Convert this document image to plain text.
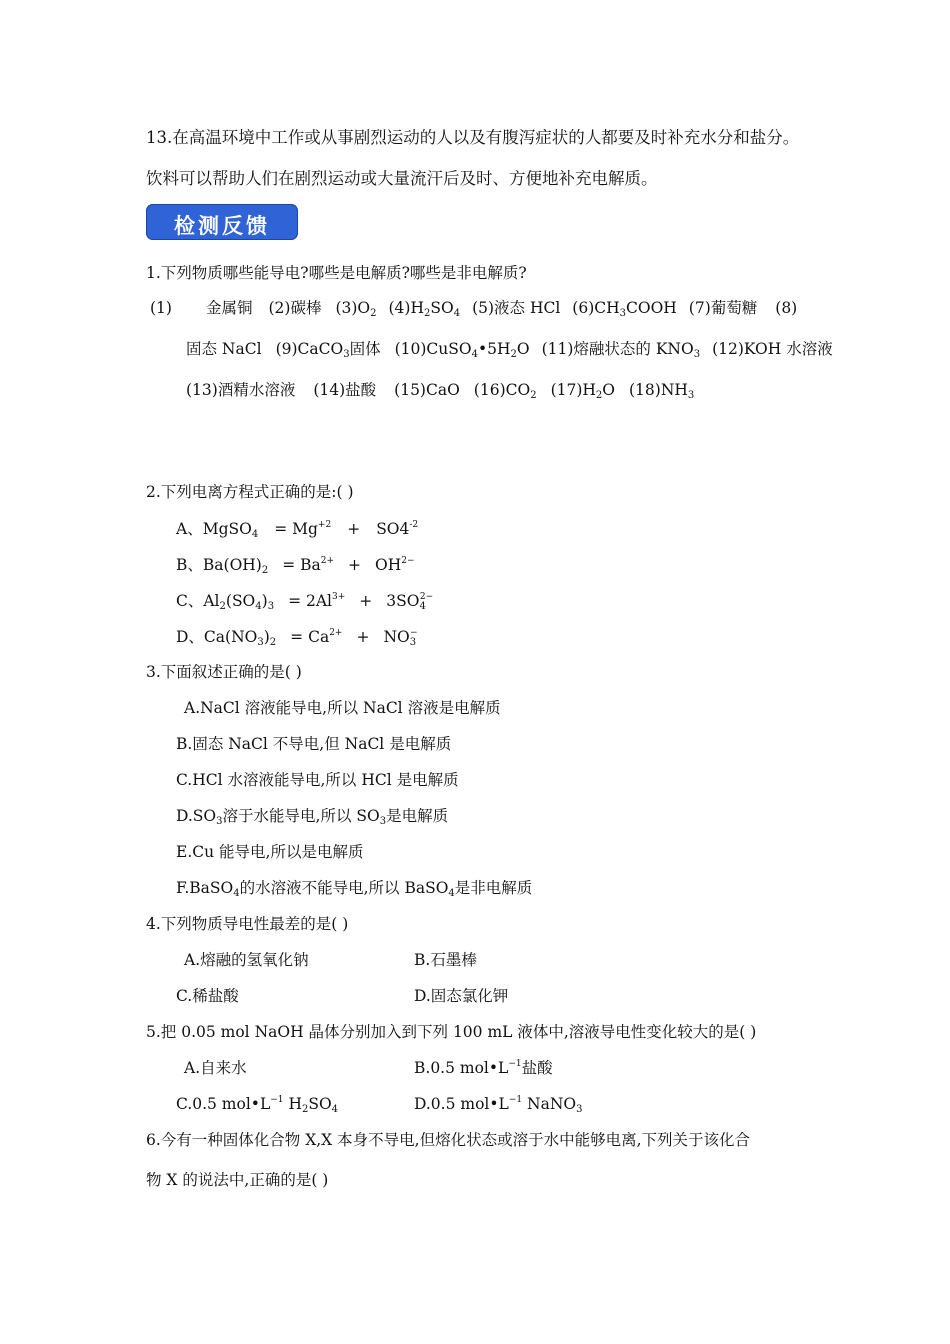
13.在高温环境中工作或从事剧烈运动的人以及有腹泻症状的人都要及时补充水分和盐分。
饮料可以帮助人们在剧烈运动或大量流汗后及时、方便地补充电解质。
检测反馈
1.下列物质哪些能导电?哪些是电解质?哪些是非电解质?
(1) 金属铜 (2)碳棒 $(3)O_2$ $(4)H_2SO_4$ (5)液态 HCl $(6)CH_3COOH$ (7)葡萄糖 (8)
固态 NaCl (9)CaCO$_3$固体 $(10)CuSO_4•5H_2O$ (11)熔融状态的 $KNO_3$ (12)KOH 水溶液
(13)酒精水溶液 (14)盐酸 (15)CaO $(16)CO_2$ $(17)H_2O$ $(18)NH_3$
2.下列电离方程式正确的是:( )
A、MgSO$_4$ = $Mg^{+2} + SO4^{-2}$
B、$Ba(OH)_2 = Ba^{2+} + OH^{2-}$
C、$Al_2(SO_4)_3 = 2Al^{3+} + 3SO_4^{2-}$
D、$Ca(NO_3)_2 = Ca^{2+} + NO_3^-$
3.下面叙述正确的是( )
A.NaCl 溶液能导电,所以 NaCl 溶液是电解质
B.固态 NaCl 不导电,但 NaCl 是电解质
C.HCl 水溶液能导电,所以 HCl 是电解质
$D.SO_3$溶于水能导电,所以 $SO_3$是电解质
E.Cu 能导电,所以是电解质
F.BaSO$_4$的水溶液不能导电,所以 BaSO$_4$是非电解质
4.下列物质导电性最差的是( )
A.熔融的氢氧化钠	B.石墨棒
C.稀盐酸	D.固态氯化钾
5.把 0.05 mol NaOH 晶体分别加入到下列 100 mL 液体中,溶液导电性变化较大的是( )
A.自来水	B.0.5 $mol•L^{-1}$盐酸
C.0.5 $mol•L^{-1}$ $H_2SO_4$	D.0.5 $mol•L^{-1}$ NaNO$_3$
6.今有一种固体化合物 X,X 本身不导电,但熔化状态或溶于水中能够电离,下列关于该化合
物 X 的说法中,正确的是( )
